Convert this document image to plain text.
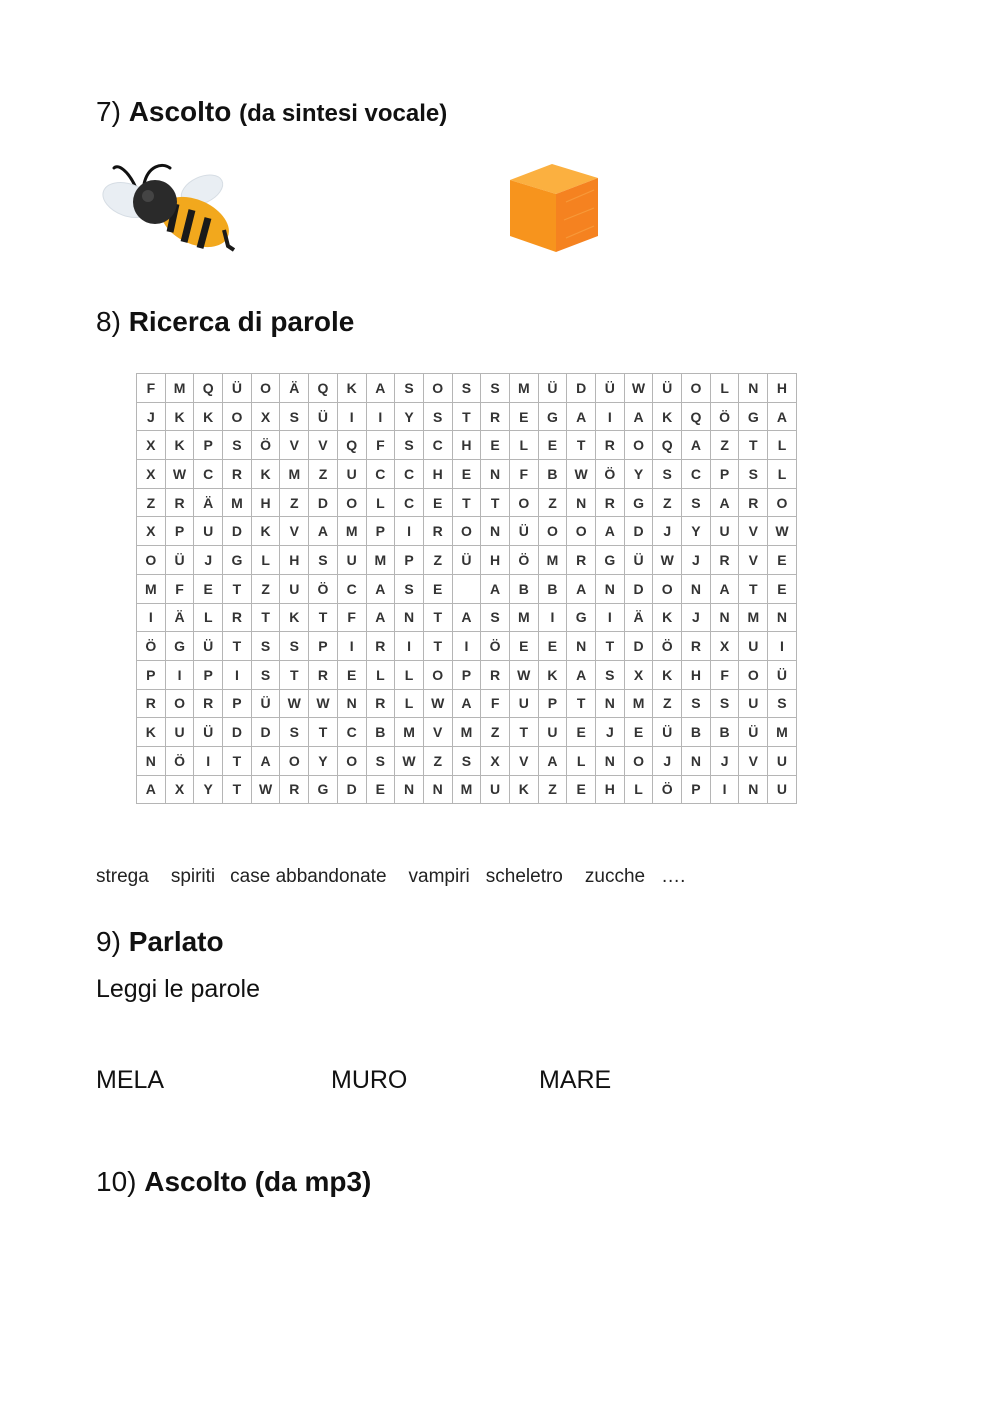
7) Ascolto (da sintesi vocale)
8) Ricerca di parole
F	M	Q	Ü	O	Ä	Q	K	A	S	O	S	S	M	Ü	D	Ü	W	Ü	O	L	N	H
J	K	K	O	X	S	Ü	I	I	Y	S	T	R	E	G	A	I	A	K	Q	Ö	G	A
X	K	P	S	Ö	V	V	Q	F	S	C	H	E	L	E	T	R	O	Q	A	Z	T	L
X	W	C	R	K	M	Z	U	C	C	H	E	N	F	B	W	Ö	Y	S	C	P	S	L
Z	R	Ä	M	H	Z	D	O	L	C	E	T	T	O	Z	N	R	G	Z	S	A	R	O
X	P	U	D	K	V	A	M	P	I	R	O	N	Ü	O	O	A	D	J	Y	U	V	W
O	Ü	J	G	L	H	S	U	M	P	Z	Ü	H	Ö	M	R	G	Ü	W	J	R	V	E
M	F	E	T	Z	U	Ö	C	A	S	E		A	B	B	A	N	D	O	N	A	T	E
I	Ä	L	R	T	K	T	F	A	N	T	A	S	M	I	G	I	Ä	K	J	N	M	N
Ö	G	Ü	T	S	S	P	I	R	I	T	I	Ö	E	E	N	T	D	Ö	R	X	U	I
P	I	P	I	S	T	R	E	L	L	O	P	R	W	K	A	S	X	K	H	F	O	Ü
R	O	R	P	Ü	W	W	N	R	L	W	A	F	U	P	T	N	M	Z	S	S	U	S
K	U	Ü	D	D	S	T	C	B	M	V	M	Z	T	U	E	J	E	Ü	B	B	Ü	M
N	Ö	I	T	A	O	Y	O	S	W	Z	S	X	V	A	L	N	O	J	N	J	V	U
A	X	Y	T	W	R	G	D	E	N	N	M	U	K	Z	E	H	L	Ö	P	I	N	U
strega spiriti case abbandonate vampiri scheletro zucche ….
9) Parlato
Leggi le parole
MELA	MURO	MARE
10) Ascolto (da mp3)
